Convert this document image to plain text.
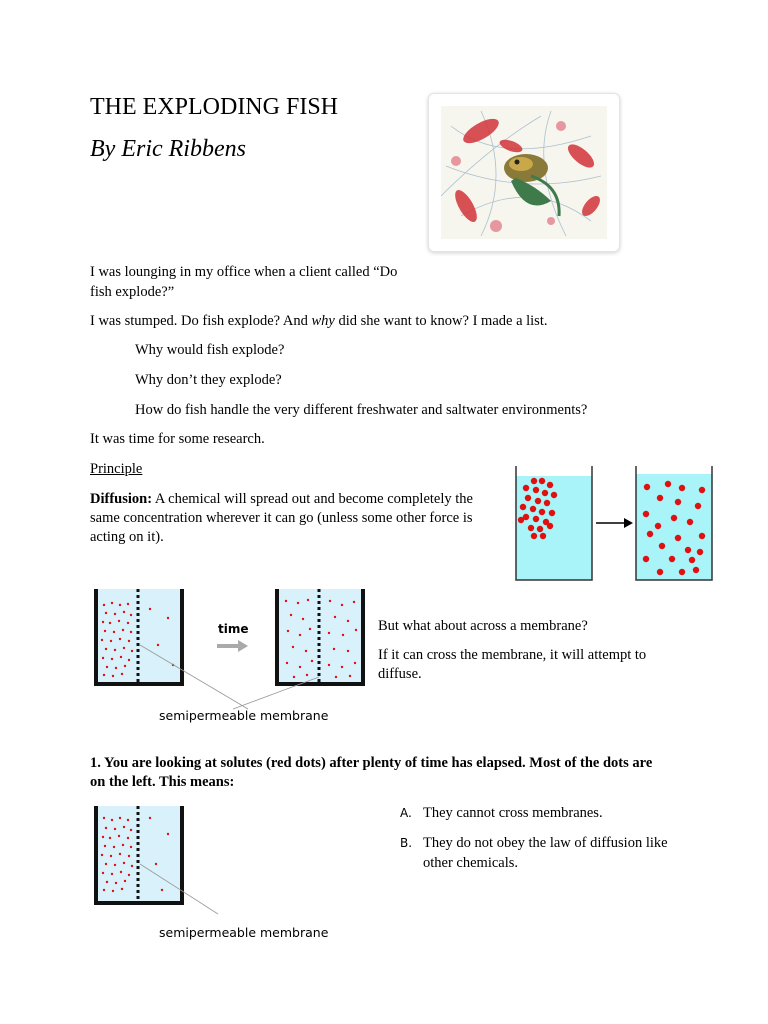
THE EXPLODING FISH
By Eric Ribbens
I was lounging in my office when a client called “Do
fish explode?”
I was stumped. Do fish explode? And why did she want to know? I made a list.
Why would fish explode?
Why don’t they explode?
How do fish handle the very different freshwater and saltwater environments?
It was time for some research.
Principle
Diffusion: A chemical will spread out and become completely the
same concentration wherever it can go (unless some other force is
acting on it).
time
semipermeable membrane
But what about across a membrane?
If it can cross the membrane, it will attempt to
diffuse.
1. You are looking at solutes (red dots) after plenty of time has elapsed. Most of the dots are
on the left. This means:
semipermeable membrane
A. They cannot cross membranes.
B. They do not obey the law of diffusion like
other chemicals.
